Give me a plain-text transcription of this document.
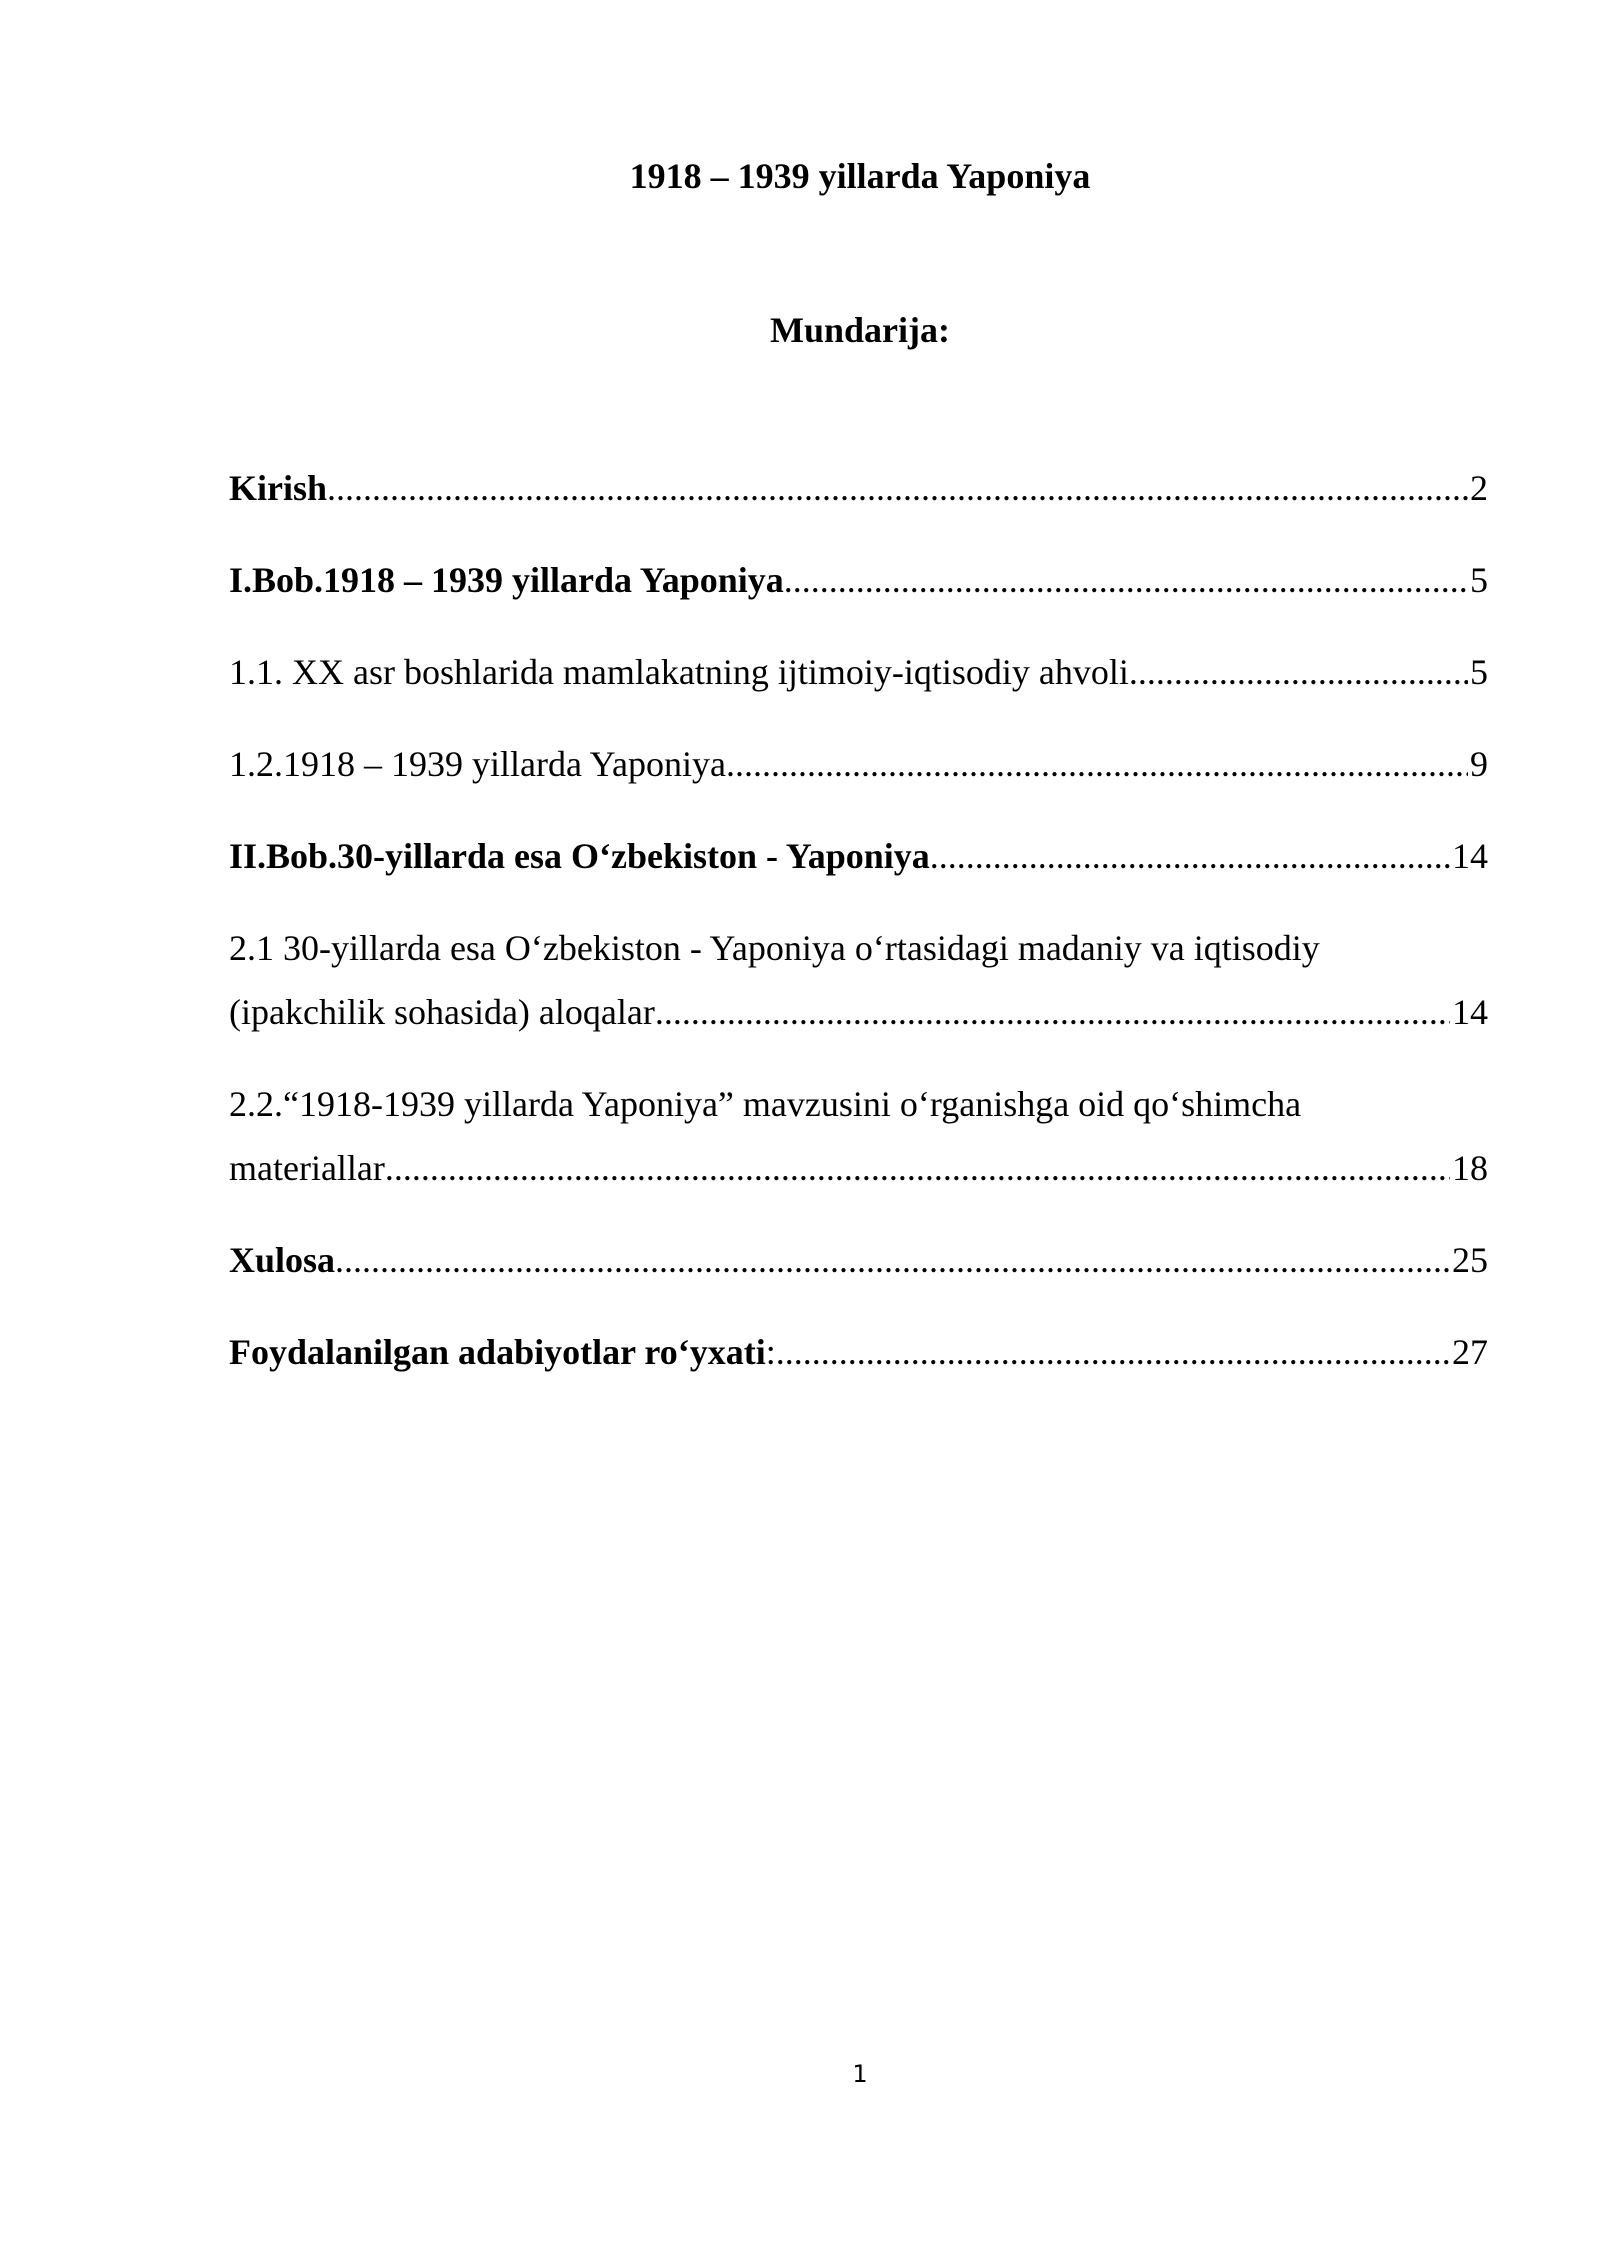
1918 – 1939 yillarda Yaponiya
Mundarija:
Kirish .....	2
I.Bob.1918 – 1939 yillarda Yaponiya .....	5
1.1. XX asr boshlarida mamlakatning ijtimoiy-iqtisodiy ahvoli .....	5
1.2.1918 – 1939 yillarda Yaponiya .....	9
II.Bob.30-yillarda esa O‘zbekiston - Yaponiya .....	14
2.1 30-yillarda esa O‘zbekiston - Yaponiya o‘rtasidagi madaniy va iqtisodiy
(ipakchilik sohasida) aloqalar .....	14
2.2.“1918-1939 yillarda Yaponiya” mavzusini o‘rganishga oid qo‘shimcha
materiallar .....	18
Xulosa .....	25
Foydalanilgan adabiyotlar ro‘yxati : .....	27
1
